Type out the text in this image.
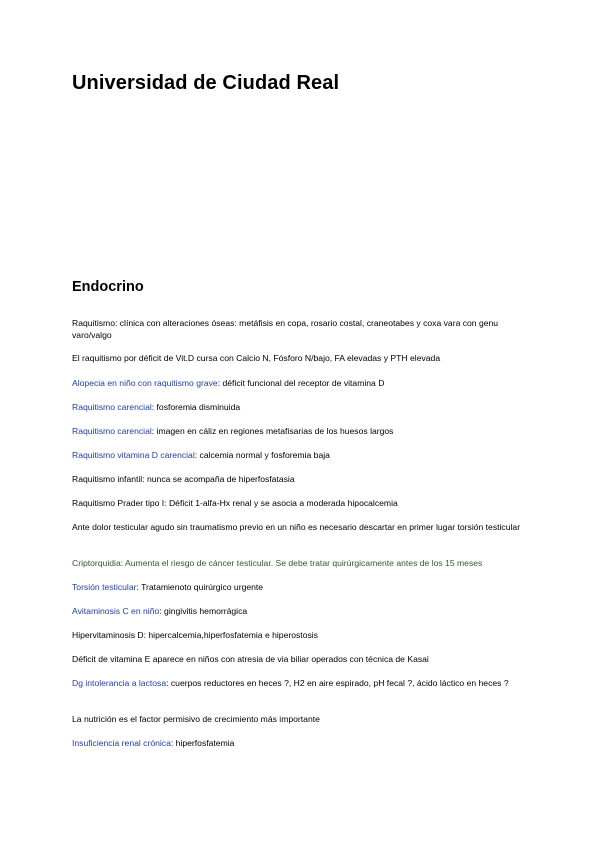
Universidad de Ciudad Real
Endocrino

Raquitismo: clínica con alteraciones óseas: metáfisis en copa, rosario costal, craneotabes y coxa vara con genu varo/valgo

El raquitismo por déficit de Vit.D cursa con Calcio N, Fósforo N/bajo, FA elevadas y PTH elevada

Alopecia en niño con raquitismo grave: déficit funcional del receptor de vitamina D

Raquitismo carencial: fosforemia disminuida

Raquitismo carencial: imagen en cáliz en regiones metafisarias de los huesos largos

Raquitismo vitamina D carencial: calcemia normal y fosforemia baja

Raquitismo infantil: nunca se acompaña de hiperfosfatasia

Raquitismo Prader tipo I: Déficit 1-alfa-Hx renal y se asocia a moderada hipocalcemia

Ante dolor testicular agudo sin traumatismo previo en un niño es necesario descartar en primer lugar torsión testicular

Criptorquidia: Aumenta el riesgo de cáncer testicular. Se debe tratar quirúrgicamente antes de los 15 meses

Torsión testicular: Tratamienoto quirúrgico urgente

Avitaminosis C en niño: gingivitis hemorrágica

Hipervitaminosis D: hipercalcemia,hiperfosfatemia e hiperostosis

Déficit de vitamina E aparece en niños con atresia de via biliar operados con técnica de Kasai

Dg intolerancia a lactosa: cuerpos reductores en heces ?, H2 en aire espirado, pH fecal ?, ácido láctico en heces ?

La nutrición es el factor permisivo de crecimiento más importante

Insuficiencia renal crónica: hiperfosfatemia
